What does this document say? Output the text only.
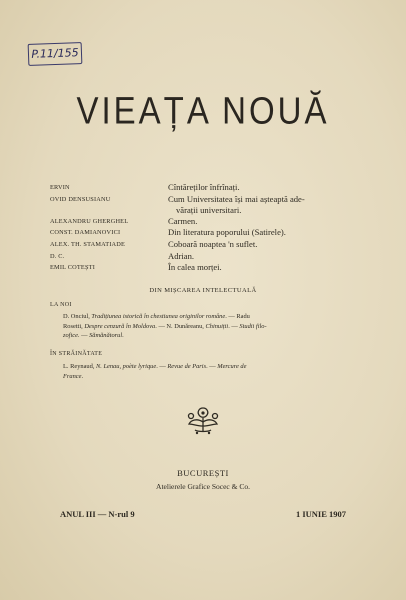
P.11/155
VIEAȚA NOUĂ
ERVIN	Cîntăreților înfrînați.
OVID DENSUSIANU	Cum Universitatea își mai așteaptă ade-
vărații universitari.
ALEXANDRU GHERGHEL	Carmen.
CONST. DAMIANOVICI	Din literatura poporului (Satirele).
ALEX. TH. STAMATIADE	Coboară noaptea 'n suflet.
D. C.	Adrian.
EMIL COTEȘTI	În calea morței.
DIN MIȘCAREA INTELECTUALĂ
LA NOI
D. Onciul, Tradițiunea istorică în chestiunea originilor române. — Radu
Rosetti, Despre cenzură în Moldova. — N. Dunăreanu, Chinuiții. — Studii filo-
zofice. — Sămănătorul.
ÎN STRĂINĂTATE
L. Reynaud, N. Lenau, poète lyrique. — Revue de Paris. — Mercure de
France.
BUCUREȘTI
Atelierele Grafice Socec & Co.
ANUL III — N-rul 9	1 IUNIE 1907
